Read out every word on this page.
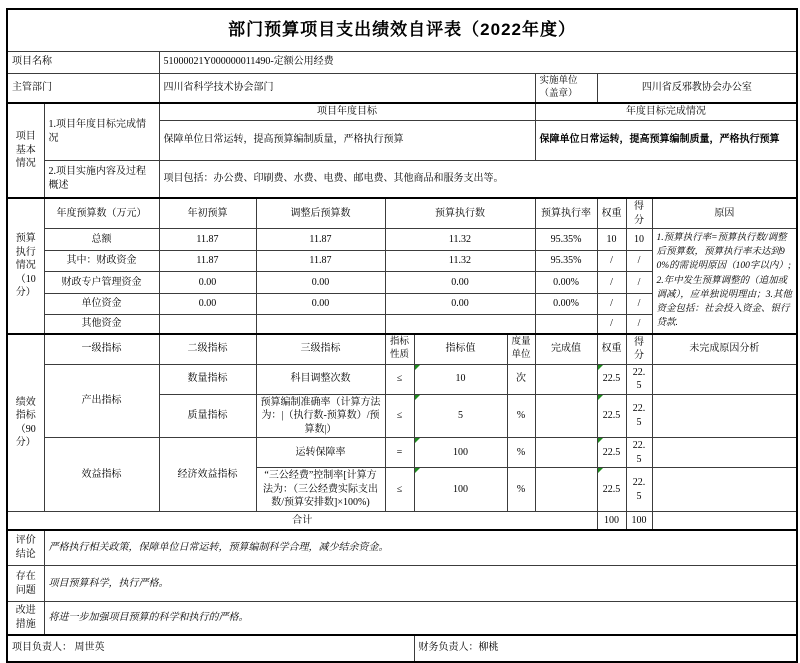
部门预算项目支出绩效自评表（2022年度）										
项目名称		51000021Y000000011490-定额公用经费								
主管部门		四川省科学技术协会部门					实施单位（盖章）	四川省反邪教协会办公室		
项目基本情况	1.项目年度目标完成情况	项目年度目标					年度目标完成情况			
		保障单位日常运转，提高预算编制质量，严格执行预算					保障单位日常运转，提高预算编制质量，严格执行预算			
	2.项目实施内容及过程概述	项目包括：办公费、印刷费、水费、电费、邮电费、其他商品和服务支出等。								
预算执行情况（10分）	年度预算数（万元）	年初预算	调整后预算数	预算执行数			预算执行率	权重	得分	原因
	总额	11.87	11.87	11.32			95.35%	10	10	1.预算执行率=预算执行数/调整后预算数，预算执行率未达到90%的需说明原因（100字以内）;2.年中发生预算调整的（追加或调减），应单独说明理由；3.其他资金包括：社会投入资金、银行贷款.
	其中：财政资金	11.87	11.87	11.32			95.35%	/	/	
	财政专户管理资金	0.00	0.00	0.00			0.00%	/	/	
	单位资金	0.00	0.00	0.00			0.00%	/	/	
	其他资金							/	/	
绩效指标（90分）	一级指标	二级指标	三级指标	指标性质	指标值	度量单位	完成值	权重	得分	未完成原因分析
	产出指标	数量指标	科目调整次数	≤	10	次		22.5	22.5	
		质量指标	预算编制准确率（计算方法为：|（执行数-预算数）/预算数|）	≤	5	%		22.5	22.5	
	效益指标	经济效益指标	运转保障率	=	100	%		22.5	22.5	
			“三公经费”控制率[计算方法为：（三公经费实际支出数/预算安排数]×100%)	≤	100	%		22.5	22.5	
合计								100	100	
评价结论	严格执行相关政策，保障单位日常运转，预算编制科学合理，减少结余资金。									
存在问题	项目预算科学，执行严格。									
改进措施	将进一步加强项目预算的科学和执行的严格。									
项目负责人： 周世英					财务负责人：柳桃					
